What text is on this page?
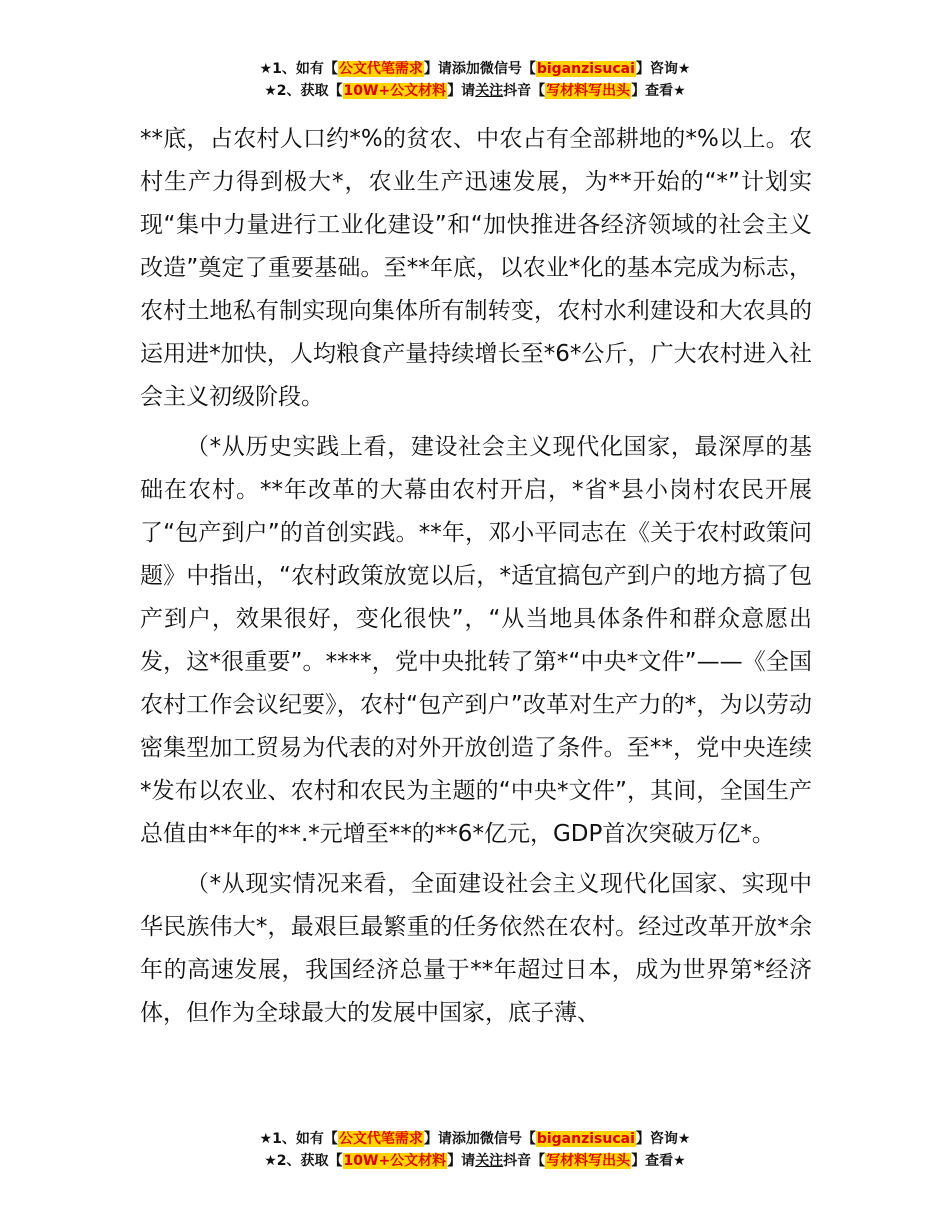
★1、如有【公文代笔需求】请添加微信号【biganzisucai】咨询★
★2、获取【10W+公文材料】请关注抖音【写材料写出头】查看★

**底，占农村人口约*%的贫农、中农占有全部耕地的*%以上。农村生产力得到极大*，农业生产迅速发展，为**开始的“*”计划实现“集中力量进行工业化建设”和“加快推进各经济领域的社会主义改造”奠定了重要基础。至**年底，以农业*化的基本完成为标志，农村土地私有制实现向集体所有制转变，农村水利建设和大农具的运用进*加快，人均粮食产量持续增长至*6*公斤，广大农村进入社会主义初级阶段。

（*从历史实践上看，建设社会主义现代化国家，最深厚的基础在农村。**年改革的大幕由农村开启，*省*县小岗村农民开展了“包产到户”的首创实践。**年，邓小平同志在《关于农村政策问题》中指出，“农村政策放宽以后，*适宜搞包产到户的地方搞了包产到户，效果很好，变化很快”，“从当地具体条件和群众意愿出发，这*很重要”。****，党中央批转了第*“中央*文件”——《全国农村工作会议纪要》，农村“包产到户”改革对生产力的*，为以劳动密集型加工贸易为代表的对外开放创造了条件。至**，党中央连续*发布以农业、农村和农民为主题的“中央*文件”，其间，全国生产总值由**年的**.*元增至**的**6*亿元，GDP首次突破万亿*。

（*从现实情况来看，全面建设社会主义现代化国家、实现中华民族伟大*，最艰巨最繁重的任务依然在农村。经过改革开放*余年的高速发展，我国经济总量于**年超过日本，成为世界第*经济体，但作为全球最大的发展中国家，底子薄、

★1、如有【公文代笔需求】请添加微信号【biganzisucai】咨询★
★2、获取【10W+公文材料】请关注抖音【写材料写出头】查看★
